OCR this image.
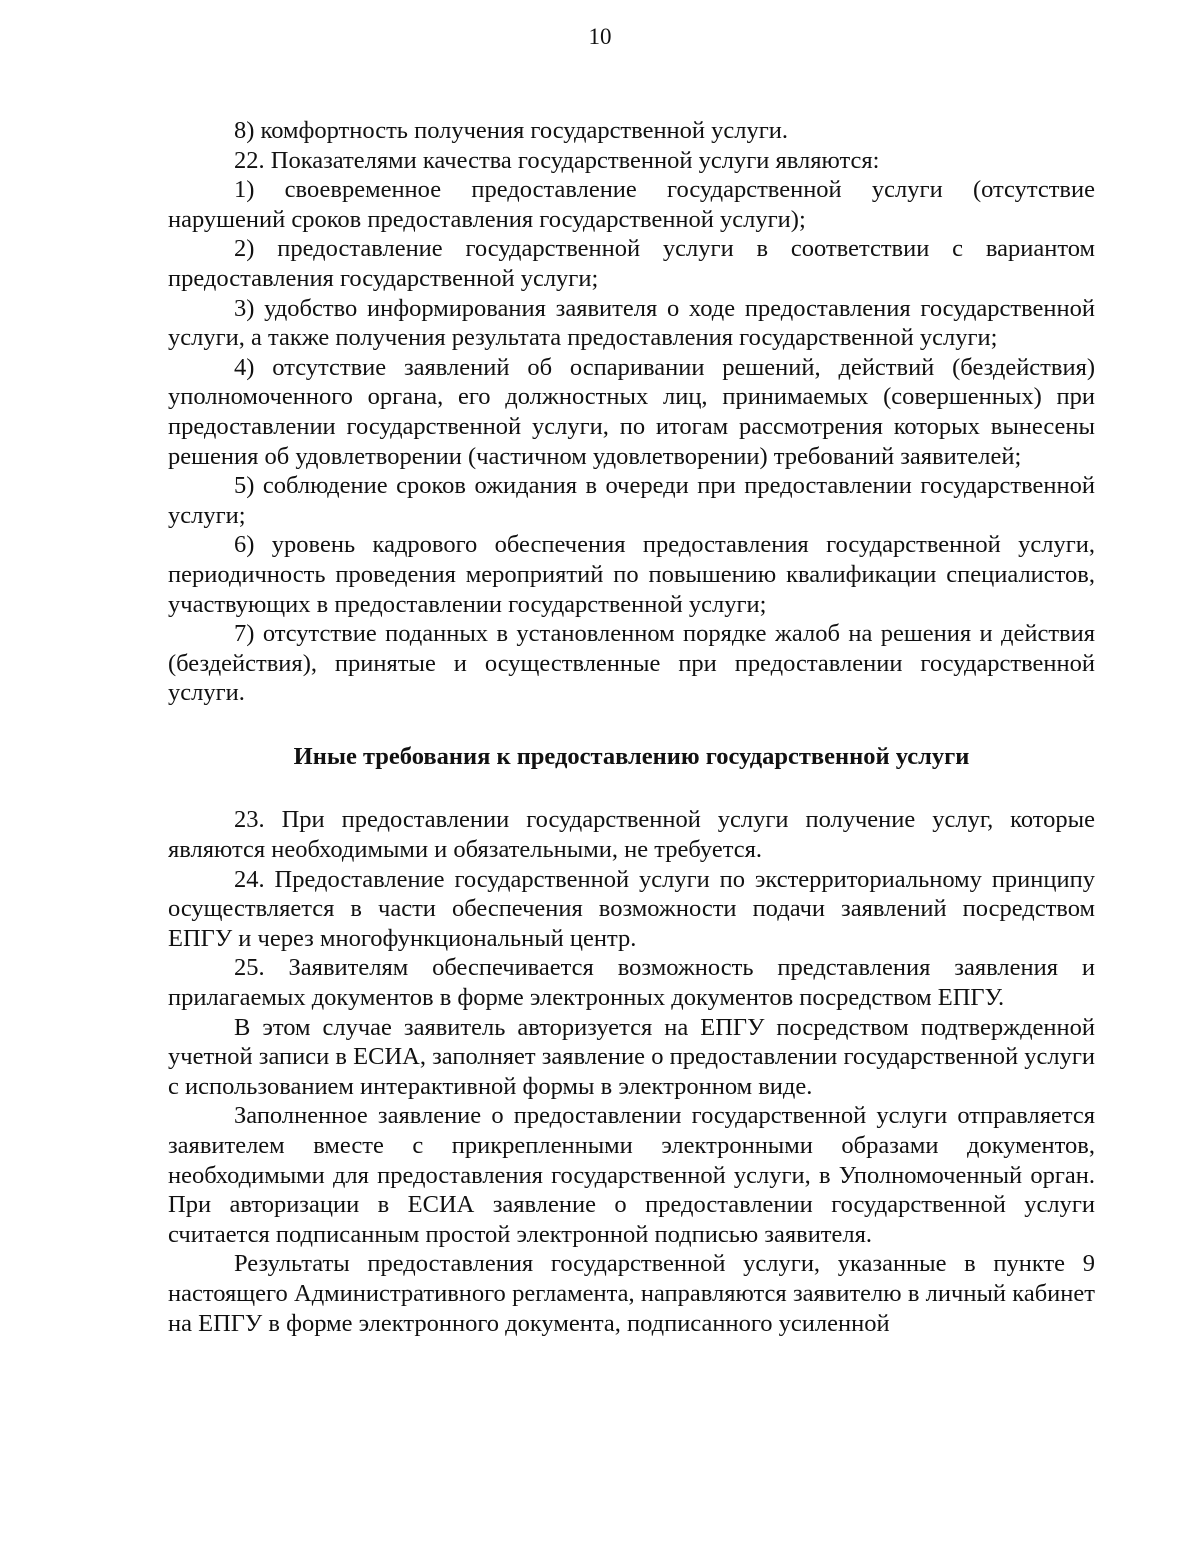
10

8) комфортность получения государственной услуги.

22. Показателями качества государственной услуги являются:

1) своевременное предоставление государственной услуги (отсутствие нарушений сроков предоставления государственной услуги);

2) предоставление государственной услуги в соответствии с вариантом предоставления государственной услуги;

3) удобство информирования заявителя о ходе предоставления государственной услуги, а также получения результата предоставления государственной услуги;

4) отсутствие заявлений об оспаривании решений, действий (бездействия) уполномоченного органа, его должностных лиц, принимаемых (совершенных) при предоставлении государственной услуги, по итогам рассмотрения которых вынесены решения об удовлетворении (частичном удовлетворении) требований заявителей;

5) соблюдение сроков ожидания в очереди при предоставлении государственной услуги;

6) уровень кадрового обеспечения предоставления государственной услуги, периодичность проведения мероприятий по повышению квалификации специалистов, участвующих в предоставлении государственной услуги;

7) отсутствие поданных в установленном порядке жалоб на решения и действия (бездействия), принятые и осуществленные при предоставлении государственной услуги.

Иные требования к предоставлению государственной услуги

23. При предоставлении государственной услуги получение услуг, которые являются необходимыми и обязательными, не требуется.

24. Предоставление государственной услуги по экстерриториальному принципу осуществляется в части обеспечения возможности подачи заявлений посредством ЕПГУ и через многофункциональный центр.

25. Заявителям обеспечивается возможность представления заявления и прилагаемых документов в форме электронных документов посредством ЕПГУ.

В этом случае заявитель авторизуется на ЕПГУ посредством подтвержденной учетной записи в ЕСИА, заполняет заявление о предоставлении государственной услуги с использованием интерактивной формы в электронном виде.

Заполненное заявление о предоставлении государственной услуги отправляется заявителем вместе с прикрепленными электронными образами документов, необходимыми для предоставления государственной услуги, в Уполномоченный орган. При авторизации в ЕСИА заявление о предоставлении государственной услуги считается подписанным простой электронной подписью заявителя.

Результаты предоставления государственной услуги, указанные в пункте 9 настоящего Административного регламента, направляются заявителю в личный кабинет на ЕПГУ в форме электронного документа, подписанного усиленной
